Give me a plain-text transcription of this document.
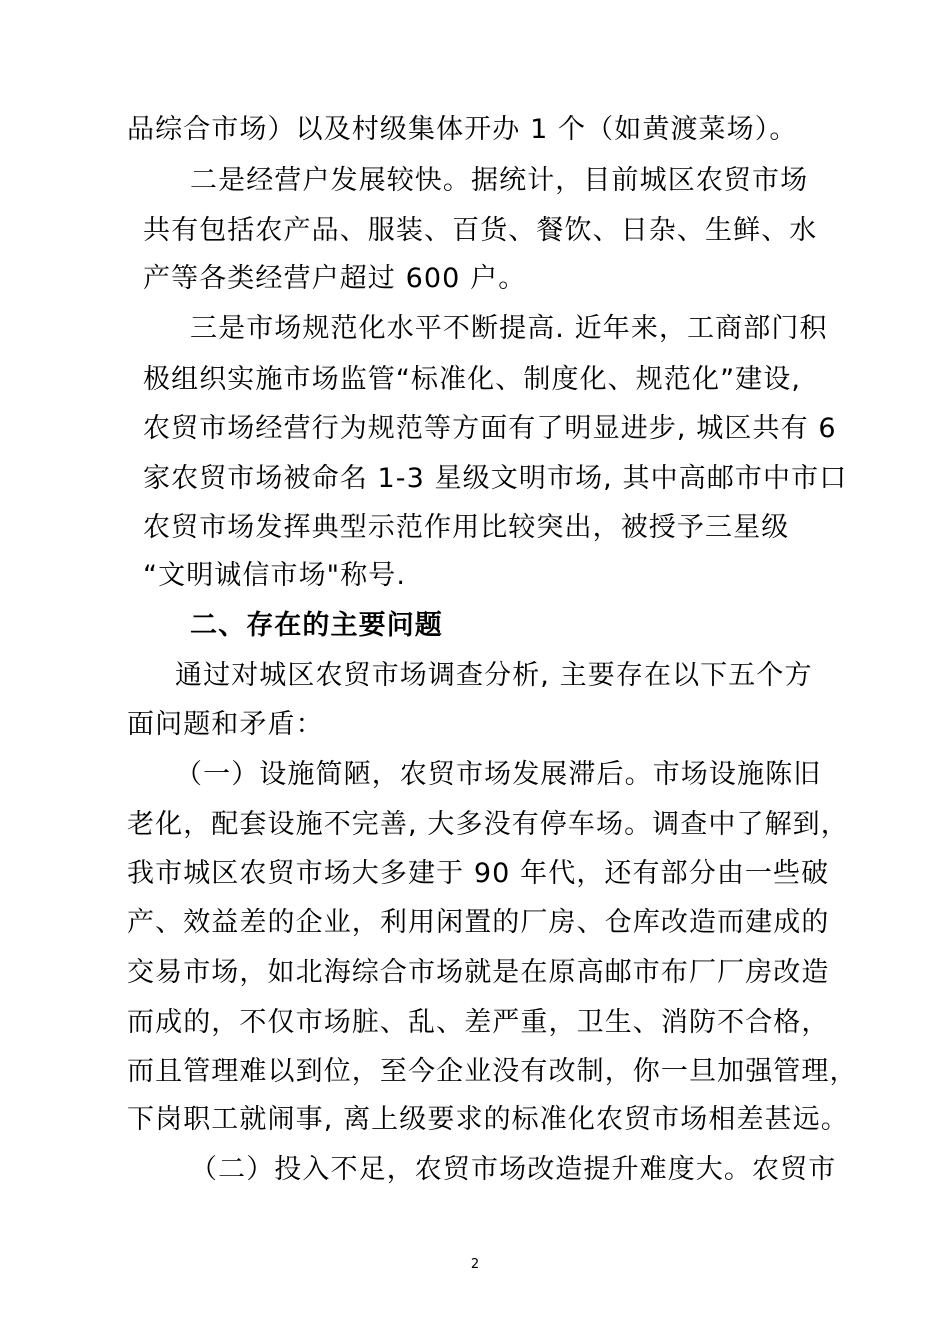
品综合市场）以及村级集体开办 1 个（如黄渡菜场）。
二是经营户发展较快。据统计，目前城区农贸市场
共有包括农产品、服装、百货、餐饮、日杂、生鲜、水
产等各类经营户超过 600 户。
三是市场规范化水平不断提高. 近年来，工商部门积
极组织实施市场监管“标准化、制度化、规范化”建设,
农贸市场经营行为规范等方面有了明显进步, 城区共有 6
家农贸市场被命名 1-3 星级文明市场, 其中高邮市中市口
农贸市场发挥典型示范作用比较突出，被授予三星级
“文明诚信市场"称号.
二、存在的主要问题
通过对城区农贸市场调查分析, 主要存在以下五个方
面问题和矛盾：
（一）设施简陋，农贸市场发展滞后。市场设施陈旧
老化，配套设施不完善, 大多没有停车场。调查中了解到，
我市城区农贸市场大多建于 90 年代，还有部分由一些破
产、效益差的企业，利用闲置的厂房、仓库改造而建成的
交易市场，如北海综合市场就是在原高邮市布厂厂房改造
而成的，不仅市场脏、乱、差严重，卫生、消防不合格，
而且管理难以到位，至今企业没有改制，你一旦加强管理，
下岗职工就闹事, 离上级要求的标准化农贸市场相差甚远。
（二）投入不足，农贸市场改造提升难度大。农贸市
2
